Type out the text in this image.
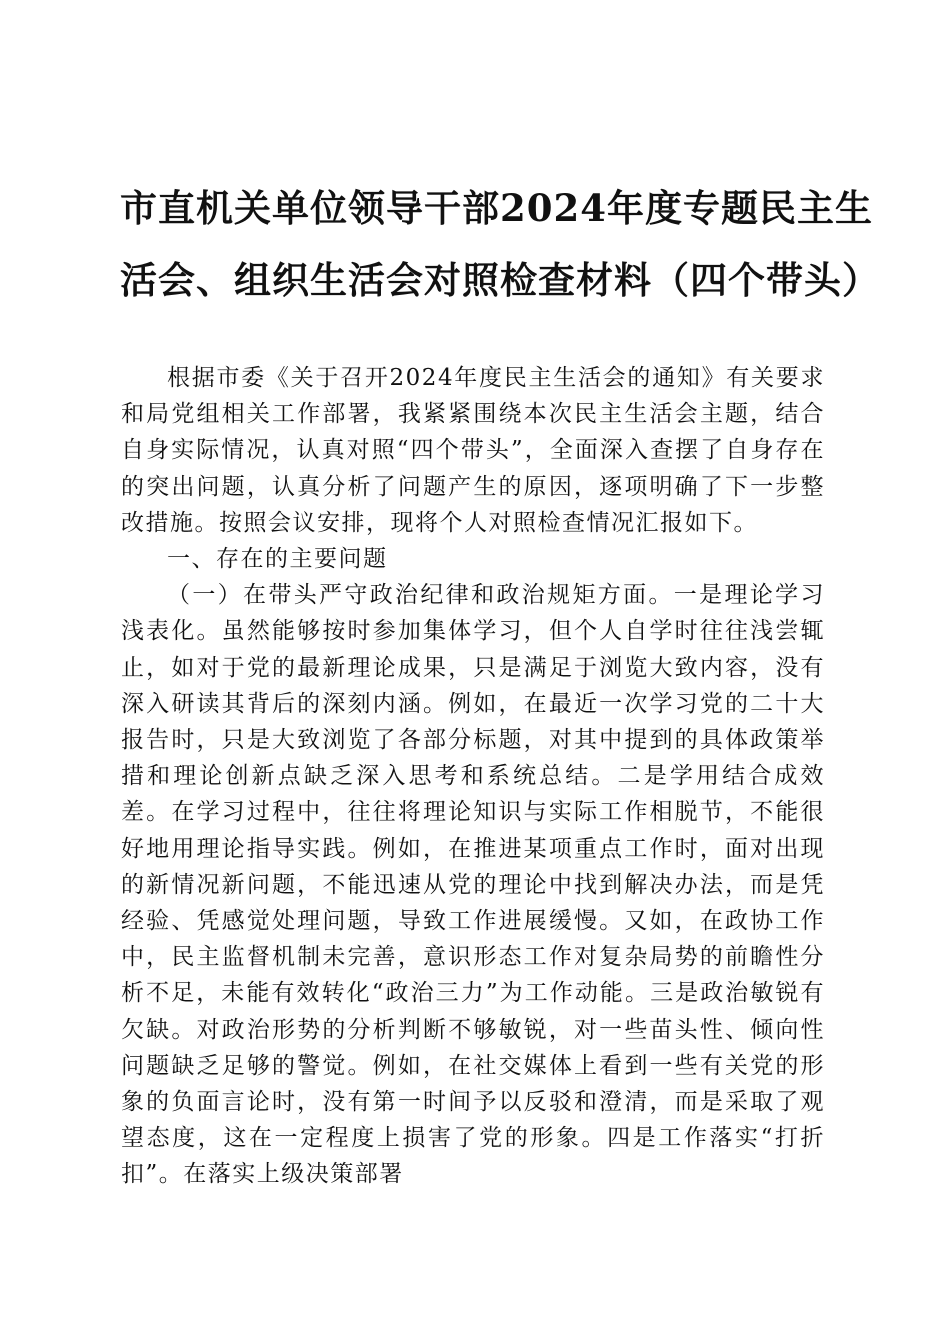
市直机关单位领导干部2024年度专题民主生
活会、组织生活会对照检查材料（四个带头）

根据市委《关于召开2024年度民主生活会的通知》有关要求和局党组相关工作部署，我紧紧围绕本次民主生活会主题，结合自身实际情况，认真对照“四个带头”，全面深入查摆了自身存在的突出问题，认真分析了问题产生的原因，逐项明确了下一步整改措施。按照会议安排，现将个人对照检查情况汇报如下。

一、存在的主要问题

（一）在带头严守政治纪律和政治规矩方面。一是理论学习浅表化。虽然能够按时参加集体学习，但个人自学时往往浅尝辄止，如对于党的最新理论成果，只是满足于浏览大致内容，没有深入研读其背后的深刻内涵。例如，在最近一次学习党的二十大报告时，只是大致浏览了各部分标题，对其中提到的具体政策举措和理论创新点缺乏深入思考和系统总结。二是学用结合成效差。在学习过程中，往往将理论知识与实际工作相脱节，不能很好地用理论指导实践。例如，在推进某项重点工作时，面对出现的新情况新问题，不能迅速从党的理论中找到解决办法，而是凭经验、凭感觉处理问题，导致工作进展缓慢。又如，在政协工作中，民主监督机制未完善，意识形态工作对复杂局势的前瞻性分析不足，未能有效转化“政治三力”为工作动能。三是政治敏锐有欠缺。对政治形势的分析判断不够敏锐，对一些苗头性、倾向性问题缺乏足够的警觉。例如，在社交媒体上看到一些有关党的形象的负面言论时，没有第一时间予以反驳和澄清，而是采取了观望态度，这在一定程度上损害了党的形象。四是工作落实“打折扣”。在落实上级决策部署
